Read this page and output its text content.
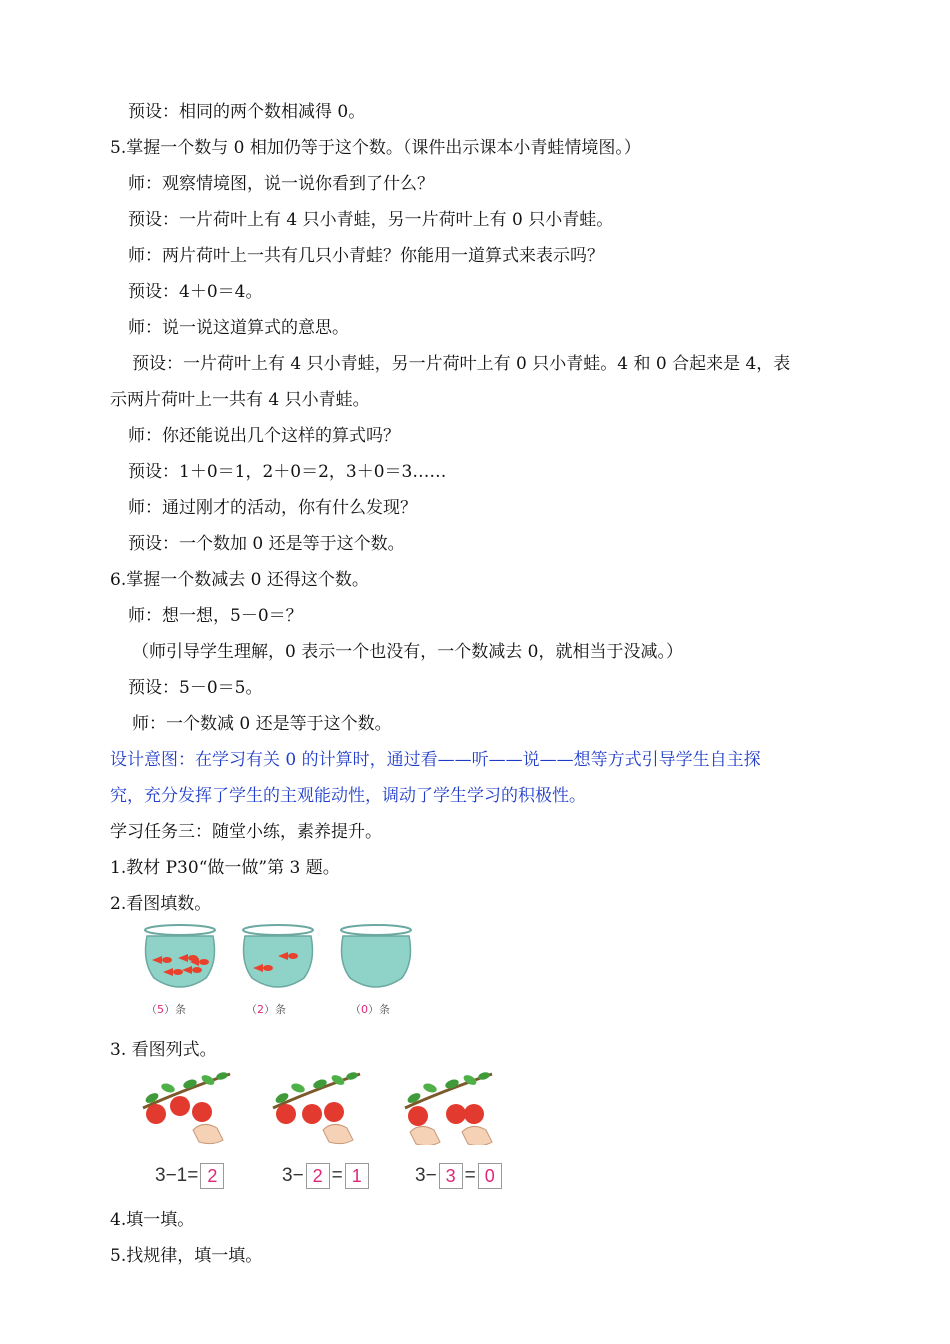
预设：相同的两个数相减得 0。
5.掌握一个数与 0 相加仍等于这个数。（课件出示课本小青蛙情境图。）
师：观察情境图，说一说你看到了什么？
预设：一片荷叶上有 4 只小青蛙，另一片荷叶上有 0 只小青蛙。
师：两片荷叶上一共有几只小青蛙？你能用一道算式来表示吗？
预设：4＋0＝4。
师：说一说这道算式的意思。
预设：一片荷叶上有 4 只小青蛙，另一片荷叶上有 0 只小青蛙。4 和 0 合起来是 4，表
示两片荷叶上一共有 4 只小青蛙。
师：你还能说出几个这样的算式吗？
预设：1＋0＝1，2＋0＝2，3＋0＝3……
师：通过刚才的活动，你有什么发现？
预设：一个数加 0 还是等于这个数。
6.掌握一个数减去 0 还得这个数。
师：想一想，5－0＝？
（师引导学生理解，0 表示一个也没有，一个数减去 0，就相当于没减。）
预设：5－0＝5。
师：一个数减 0 还是等于这个数。
设计意图：在学习有关 0 的计算时，通过看——听——说——想等方式引导学生自主探
究，充分发挥了学生的主观能动性，调动了学生学习的积极性。
学习任务三：随堂小练，素养提升。
1.教材 P30“做一做”第 3 题。
2.看图填数。
（5）条	（2）条	（0）条
3. 看图列式。
3−1= 2	3− 2 = 1	3− 3 = 0
4.填一填。
5.找规律，填一填。
